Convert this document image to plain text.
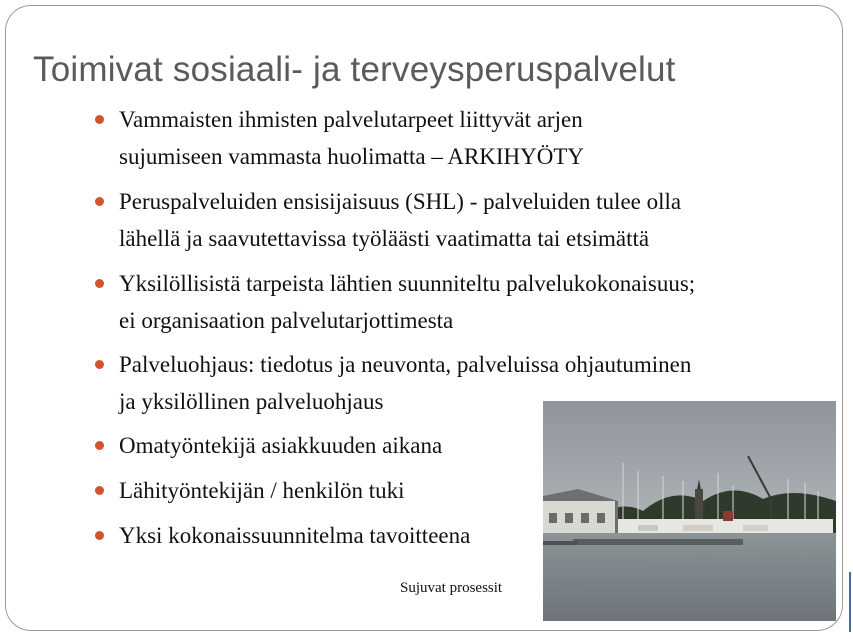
Toimivat sosiaali- ja terveysperuspalvelut
Vammaisten ihmisten palvelutarpeet liittyvät arjen
sujumiseen vammasta huolimatta – ARKIHYÖTY
Peruspalveluiden ensisijaisuus (SHL) - palveluiden tulee olla
lähellä ja saavutettavissa työläästi vaatimatta tai etsimättä
Yksilöllisistä tarpeista lähtien suunniteltu palvelukokonaisuus;
ei organisaation palvelutarjottimesta
Palveluohjaus: tiedotus ja neuvonta, palveluissa ohjautuminen
ja yksilöllinen palveluohjaus
Omatyöntekijä asiakkuuden aikana
Lähityöntekijän / henkilön tuki
Yksi kokonaissuunnitelma tavoitteena
Sujuvat prosessit
